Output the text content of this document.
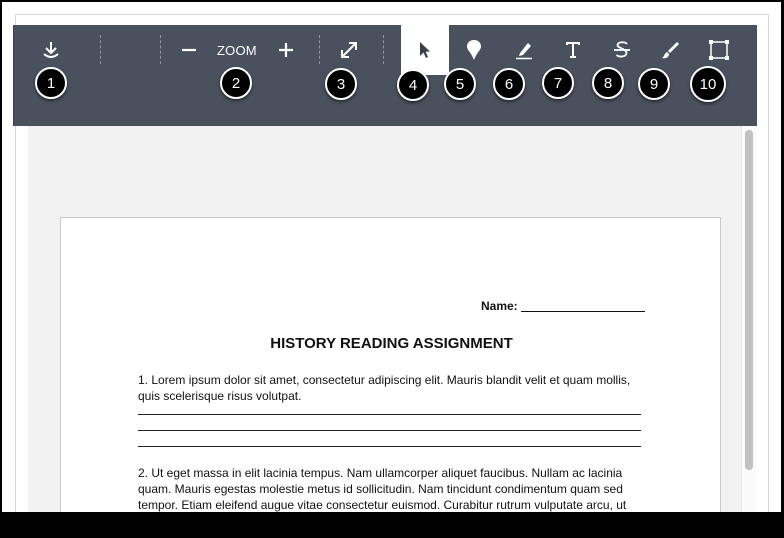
ZOOM
1	2	3	4	5	6	7	8	9	10
Name:
HISTORY READING ASSIGNMENT
1. Lorem ipsum dolor sit amet, consectetur adipiscing elit. Mauris blandit velit et quam mollis, quis scelerisque risus volutpat.
2. Ut eget massa in elit lacinia tempus. Nam ullamcorper aliquet faucibus. Nullam ac lacinia quam. Mauris egestas molestie metus id sollicitudin. Nam tincidunt condimentum quam sed tempor. Etiam eleifend augue vitae consectetur euismod. Curabitur rutrum vulputate arcu, ut
